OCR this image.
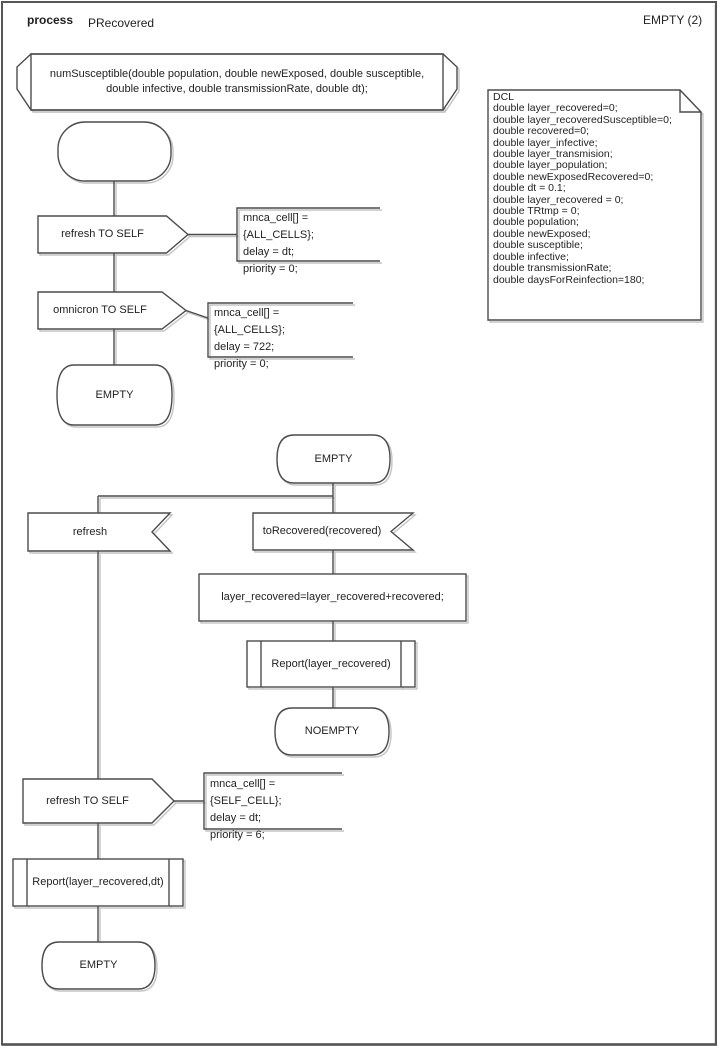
process PRecovered	EMPTY (2)
numSusceptible(double population, double newExposed, double susceptible,
double infective, double transmissionRate, double dt);
refresh TO SELF
mnca_cell[] = {ALL_CELLS};
delay = dt;
priority = 0;
omnicron TO SELF	mnca_cell[] = {ALL_CELLS};
delay = 722;
priority = 0;
EMPTY
DCL
double layer_recovered=0;
double layer_recoveredSusceptible=0;
double recovered=0;
double layer_infective;
double layer_transmision;
double layer_population;
double newExposedRecovered=0;
double dt = 0.1;
double layer_recovered = 0;
double TRtmp = 0;
double population;
double newExposed;
double susceptible;
double infective;
double transmissionRate;
double daysForReinfection=180;
EMPTY
refresh	toRecovered(recovered)
layer_recovered=layer_recovered+recovered;
Report(layer_recovered)
NOEMPTY
refresh TO SELF
mnca_cell[] = {SELF_CELL};
delay = dt;
priority = 6;
Report(layer_recovered,dt)
EMPTY
